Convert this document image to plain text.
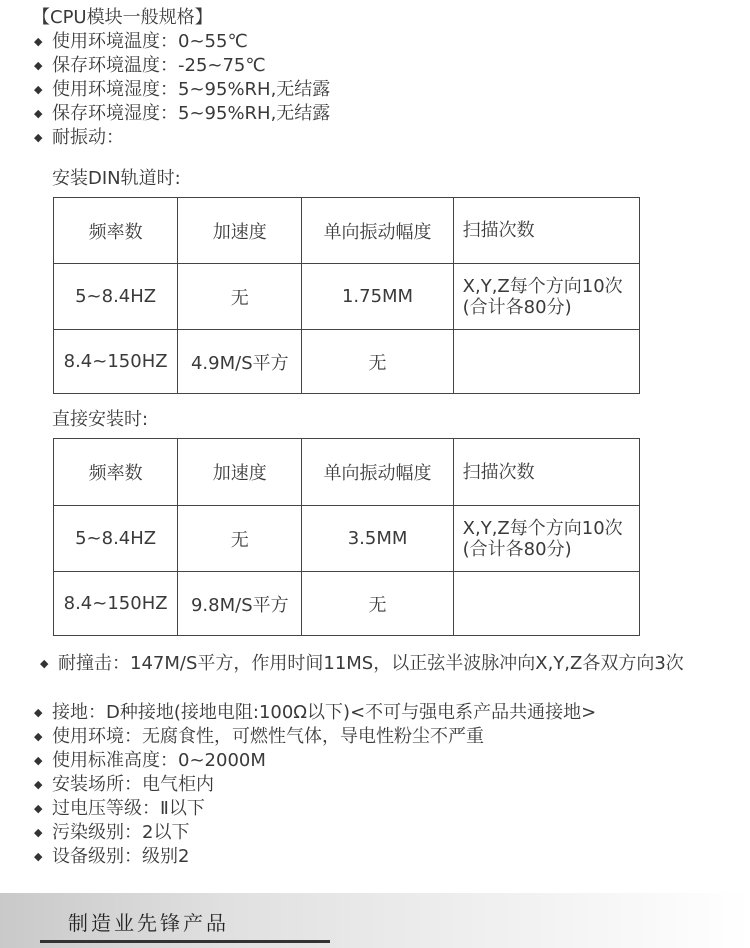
【CPU模块一般规格】
◆ 使用环境温度：0~55℃
◆ 保存环境温度：-25~75℃
◆ 使用环境湿度：5~95%RH,无结露
◆ 保存环境湿度：5~95%RH,无结露
◆ 耐振动：
安装DIN轨道时:
频率数	加速度	单向振动幅度	扫描次数
5~8.4HZ	无	1.75MM	X,Y,Z每个方向10次(合计各80分)
8.4~150HZ	4.9M/S平方	无	
直接安装时:
频率数	加速度	单向振动幅度	扫描次数
5~8.4HZ	无	3.5MM	X,Y,Z每个方向10次(合计各80分)
8.4~150HZ	9.8M/S平方	无	
◆ 耐撞击：147M/S平方，作用时间11MS，以正弦半波脉冲向X,Y,Z各双方向3次
◆ 接地：D种接地(接地电阻:100Ω以下)<不可与强电系产品共通接地>
◆ 使用环境：无腐食性，可燃性气体，导电性粉尘不严重
◆ 使用标准高度：0~2000M
◆ 安装场所：电气柜内
◆ 过电压等级：Ⅱ以下
◆ 污染级别：2以下
◆ 设备级别：级别2
制造业先锋产品
